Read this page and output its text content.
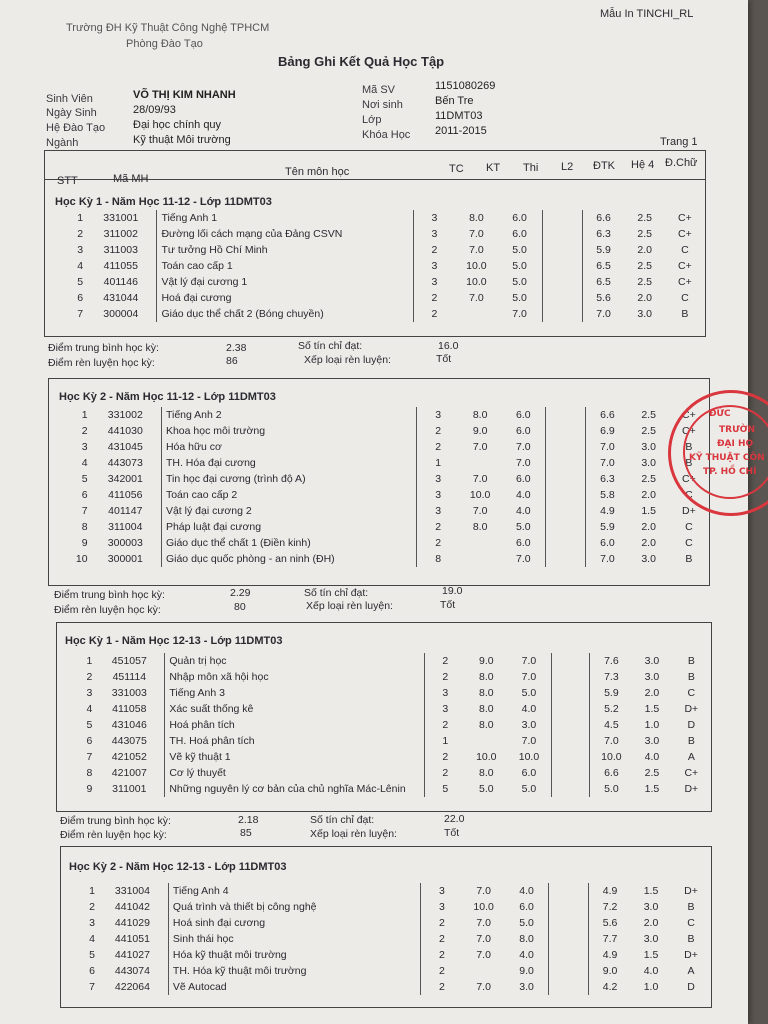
Trường ĐH Kỹ Thuật Công Nghệ TPHCM
Phòng Đào Tạo
Mẫu In TINCHI_RL
Bảng Ghi Kết Quả Học Tập
Sinh Viên	VÕ THỊ KIM NHANH
Ngày Sinh	28/09/93
Hệ Đào Tạo	Đại học chính quy
Ngành	Kỹ thuật Môi trường
Mã SV	1151080269
Nơi sinh	Bến Tre
Lớp	11DMT03
Khóa Học 2011-2015
Trang 1
STT	Mã MH
Tên môn học	TC KT Thi L2 ĐTK Hệ 4 Đ.Chữ
Học Kỳ 1 - Năm Học 11-12 - Lớp 11DMT03
1	331001	Tiếng Anh 1	3	8.0	6.0		6.6	2.5	C+
2	311002	Đường lối cách mạng của Đảng CSVN	3	7.0	6.0		6.3	2.5	C+
3	311003	Tư tưởng Hồ Chí Minh	2	7.0	5.0		5.9	2.0	C
4	411055	Toán cao cấp 1	3	10.0	5.0		6.5	2.5	C+
5	401146	Vật lý đại cương 1	3	10.0	5.0		6.5	2.5	C+
6	431044	Hoá đại cương	2	7.0	5.0		5.6	2.0	C
7	300004	Giáo dục thể chất 2 (Bóng chuyền)	2		7.0		7.0	3.0	B
Điểm trung bình học kỳ:	2.38	Số tín chỉ đạt:	16.0
Điểm rèn luyện học kỳ:	86	Xếp loại rèn luyện:	Tốt
Học Kỳ 2 - Năm Học 11-12 - Lớp 11DMT03
1	331002	Tiếng Anh 2	3	8.0	6.0		6.6	2.5	C+
2	441030	Khoa học môi trường	2	9.0	6.0		6.9	2.5	C+
3	431045	Hóa hữu cơ	2	7.0	7.0		7.0	3.0	B
4	443073	TH. Hóa đại cương	1		7.0		7.0	3.0	B
5	342001	Tin học đại cương (trình độ A)	3	7.0	6.0		6.3	2.5	C+
6	411056	Toán cao cấp 2	3	10.0	4.0		5.8	2.0	C
7	401147	Vật lý đại cương 2	3	7.0	4.0		4.9	1.5	D+
8	311004	Pháp luật đại cương	2	8.0	5.0		5.9	2.0	C
9	300003	Giáo dục thể chất 1 (Điền kinh)	2		6.0		6.0	2.0	C
10	300001	Giáo dục quốc phòng - an ninh (ĐH)	8		7.0		7.0	3.0	B
Điểm trung bình học kỳ:	2.29	Số tín chỉ đạt:	19.0
Điểm rèn luyện học kỳ:	80	Xếp loại rèn luyện:	Tốt
Học Kỳ 1 - Năm Học 12-13 - Lớp 11DMT03
1	451057	Quản trị học	2	9.0	7.0		7.6	3.0	B
2	451114	Nhập môn xã hội học	2	8.0	7.0		7.3	3.0	B
3	331003	Tiếng Anh 3	3	8.0	5.0		5.9	2.0	C
4	411058	Xác suất thống kê	3	8.0	4.0		5.2	1.5	D+
5	431046	Hoá phân tích	2	8.0	3.0		4.5	1.0	D
6	443075	TH. Hoá phân tích	1		7.0		7.0	3.0	B
7	421052	Vẽ kỹ thuật 1	2	10.0	10.0		10.0	4.0	A
8	421007	Cơ lý thuyết	2	8.0	6.0		6.6	2.5	C+
9	311001	Những nguyên lý cơ bản của chủ nghĩa Mác-Lênin	5	5.0	5.0		5.0	1.5	D+
Điểm trung bình học kỳ:	2.18	Số tín chỉ đạt:	22.0
Điểm rèn luyện học kỳ:	85	Xếp loại rèn luyện:	Tốt
Học Kỳ 2 - Năm Học 12-13 - Lớp 11DMT03
1	331004	Tiếng Anh 4	3	7.0	4.0		4.9	1.5	D+
2	441042	Quá trình và thiết bị công nghệ	3	10.0	6.0		7.2	3.0	B
3	441029	Hoá sinh đại cương	2	7.0	5.0		5.6	2.0	C
4	441051	Sinh thái học	2	7.0	8.0		7.7	3.0	B
5	441027	Hóa kỹ thuật môi trường	2	7.0	4.0		4.9	1.5	D+
6	443074	TH. Hóa kỹ thuật môi trường	2		9.0		9.0	4.0	A
7	422064	Vẽ Autocad	2	7.0	3.0		4.2	1.0	D
ĐỨC
TRƯỜN
ĐẠI HỌ
KỸ THUẬT CÔN
TP. HỒ CHÍ
